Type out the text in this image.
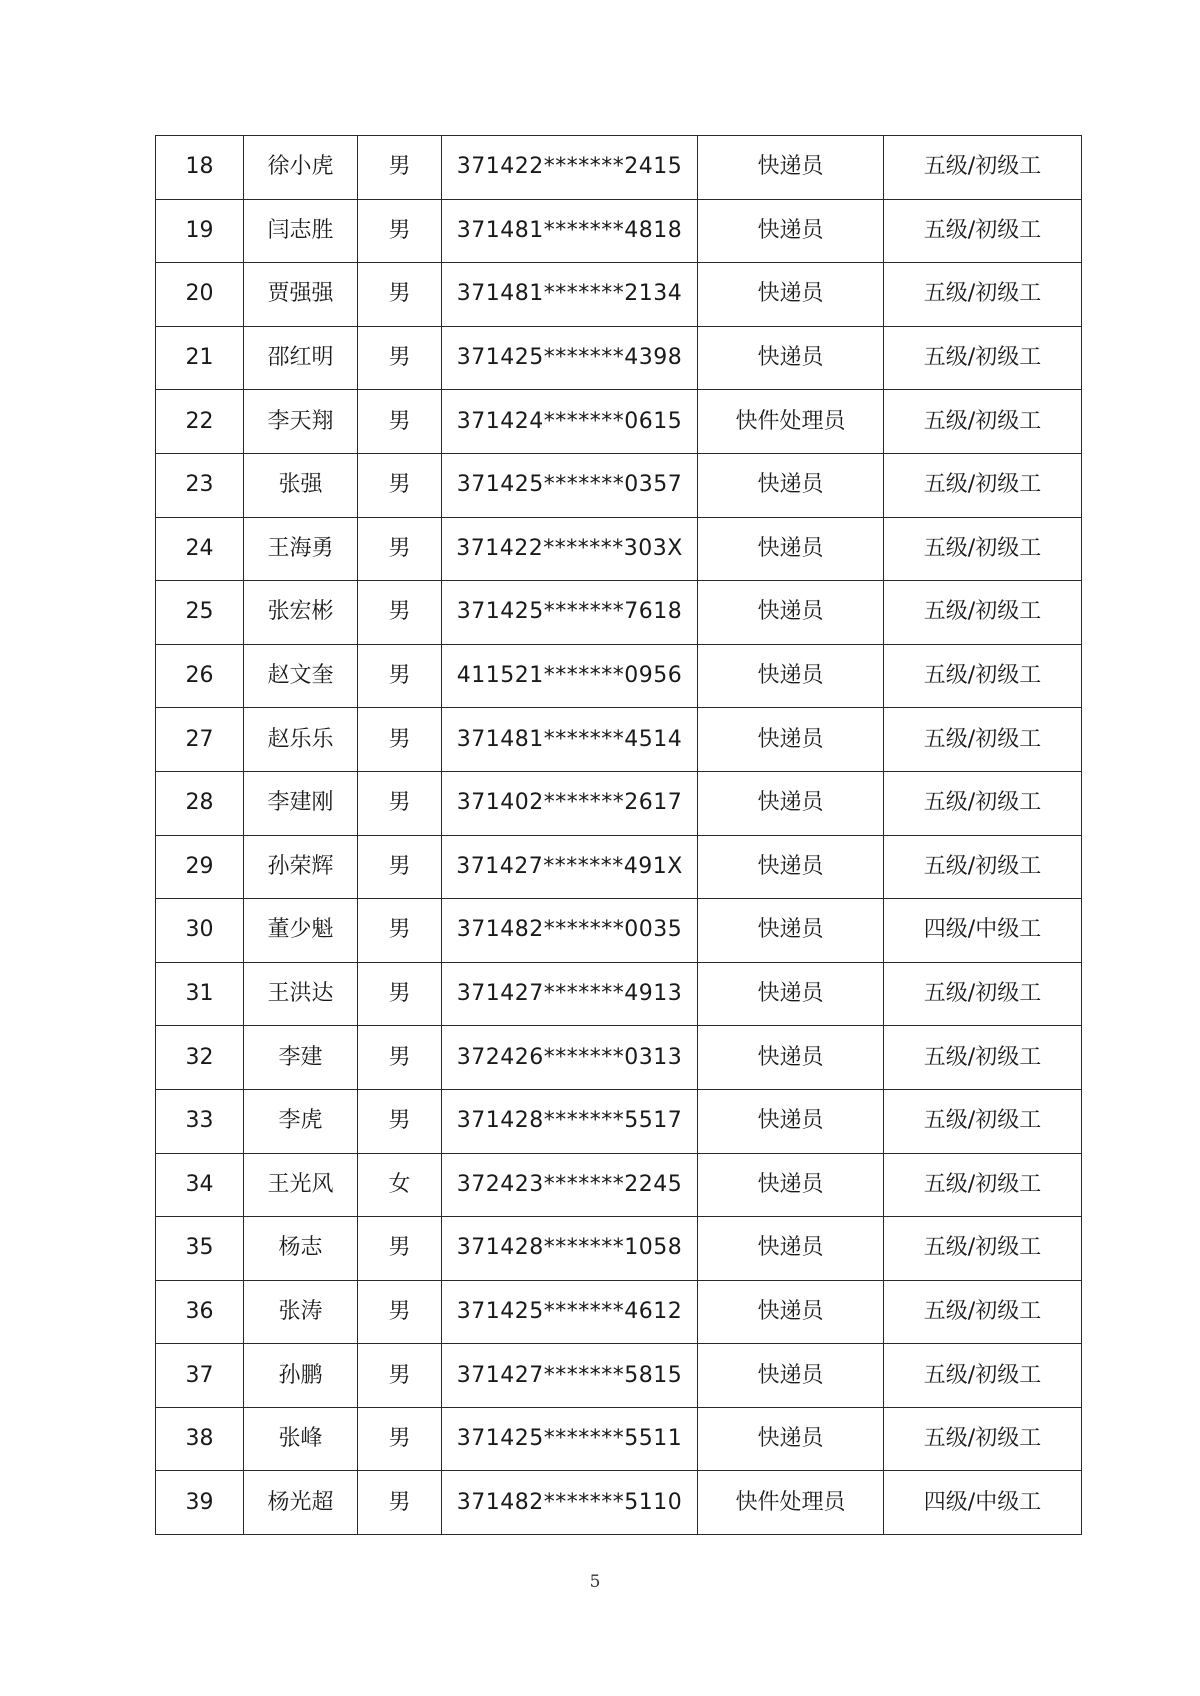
18	徐小虎	男	371422*******2415	快递员	五级/初级工
19	闫志胜	男	371481*******4818	快递员	五级/初级工
20	贾强强	男	371481*******2134	快递员	五级/初级工
21	邵红明	男	371425*******4398	快递员	五级/初级工
22	李天翔	男	371424*******0615	快件处理员	五级/初级工
23	张强	男	371425*******0357	快递员	五级/初级工
24	王海勇	男	371422*******303X	快递员	五级/初级工
25	张宏彬	男	371425*******7618	快递员	五级/初级工
26	赵文奎	男	411521*******0956	快递员	五级/初级工
27	赵乐乐	男	371481*******4514	快递员	五级/初级工
28	李建刚	男	371402*******2617	快递员	五级/初级工
29	孙荣辉	男	371427*******491X	快递员	五级/初级工
30	董少魁	男	371482*******0035	快递员	四级/中级工
31	王洪达	男	371427*******4913	快递员	五级/初级工
32	李建	男	372426*******0313	快递员	五级/初级工
33	李虎	男	371428*******5517	快递员	五级/初级工
34	王光风	女	372423*******2245	快递员	五级/初级工
35	杨志	男	371428*******1058	快递员	五级/初级工
36	张涛	男	371425*******4612	快递员	五级/初级工
37	孙鹏	男	371427*******5815	快递员	五级/初级工
38	张峰	男	371425*******5511	快递员	五级/初级工
39	杨光超	男	371482*******5110	快件处理员	四级/中级工
5
